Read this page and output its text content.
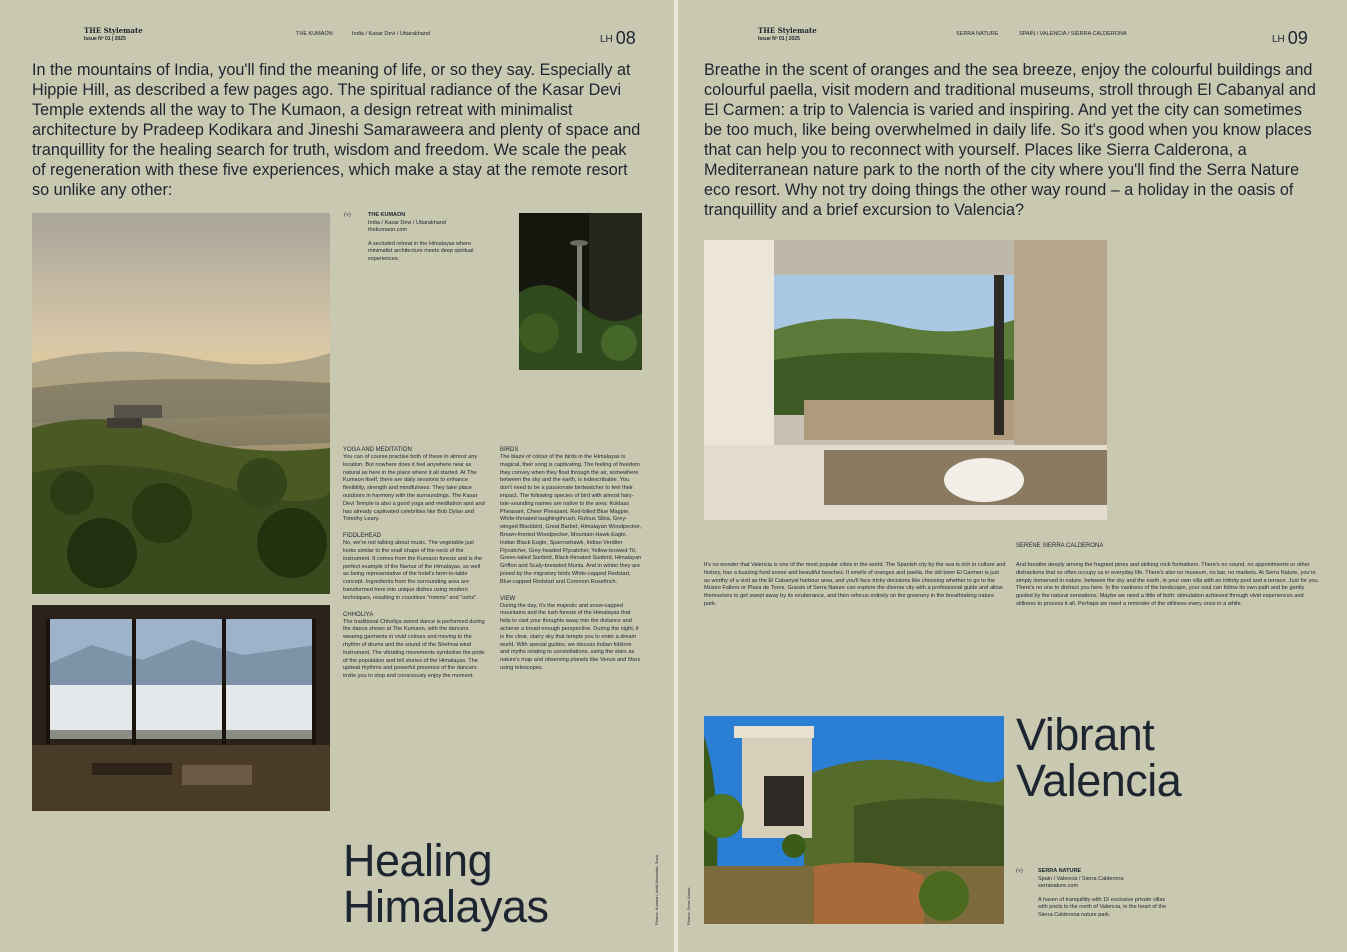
THE Stylemate
Issue Nº 01 | 2025
THE KUMAON	India / Kasar Devi / Uttarakhand	LH 08

In the mountains of India, you'll find the meaning of life, or so they say. Especially at Hippie Hill, as described a few pages ago. The spiritual radiance of the Kasar Devi Temple extends all the way to The Kumaon, a design retreat with minimalist architecture by Pradeep Kodikara and Jineshi Samaraweera and plenty of space and tranquillity for the healing search for truth, wisdom and freedom. We scale the peak of regeneration with these five experiences, which make a stay at the remote resort so unlike any other:

(+)	THE KUMAON
India / Kasar Devi / Uttarakhand
thekumaon.com
A secluded retreat in the Himalayas where minimalist architecture meets deep spiritual experiences.

YOGA AND MEDITATION

You can of course practise both of these in almost any location. But nowhere does it feel anywhere near as natural as here in the place where it all started. At The Kumaon itself, there are daily sessions to enhance flexibility, strength and mindfulness. They take place outdoors in harmony with the surroundings. The Kasar Devi Temple is also a good yoga and meditation spot and has already captivated celebrities like Bob Dylan and Timothy Leary.

FIDDLEHEAD

No, we're not talking about music. The vegetable just looks similar to the snail shape of the neck of the instrument. It comes from the Kumaon forests and is the perfect example of the flavour of the Himalayas, as well as being representative of the hotel's farm-to-table concept. Ingredients from the surrounding area are transformed here into unique dishes using modern techniques, resulting in countless "mmms" and "oohs".

CHHOLIYA

The traditional Chholiya sword dance is performed during the dance shows at The Kumaon, with the dancers wearing garments in vivid colours and moving to the rhythm of drums and the sound of the Shehnai wind instrument. The vibrating movements symbolise the pride of the population and tell stories of the Himalayas. The upbeat rhythms and powerful presence of the dancers invite you to stop and consciously enjoy the moment.

BIRDS

The blaze of colour of the birds in the Himalayas is magical, their song is captivating. The feeling of freedom they convey when they float through the air, somewhere between the sky and the earth, is indescribable. You don't need to be a passionate birdwatcher to feel their impact. The following species of bird with almost fairy-tale-sounding names are native to the area: Koklass Pheasant, Cheer Pheasant, Red-billed Blue Magpie, White-throated laughingthrush, Rufous Sibia, Grey-winged Blackbird, Great Barbet, Himalayan Woodpecker, Brown-fronted Woodpecker, Mountain Hawk-Eagle, Indian Black Eagle, Sparrowhawk, Indian Verditer Flycatcher, Grey-headed Flycatcher, Yellow-browed Tit, Green-tailed Sunbird, Black-throated Sunbird, Himalayan Griffon and Scaly-breasted Munia. And in winter they are joined by the migratory birds White-capped Redstart, Blue-capped Redstart and Common Rosefinch.

VIEW

During the day, it's the majestic and snow-capped mountains and the lush forests of the Himalayas that help to cast your thoughts away into the distance and achieve a broad enough perspective. During the night, it is the clear, starry sky that tempts you to enter a dream world. With special guides, we discuss Indian folklore and myths relating to constellations, using the stars as nature's map and observing planets like Venus and Mars using telescopes.

Healing
Himalayas	Photos: Kumaon, Ankit Ahluwalia, Sunit
THE Stylemate
Issue Nº 01 | 2025
SERRA NATURE	SPAIN / VALENCIA / SIERRA CALDERONA	LH 09

Breathe in the scent of oranges and the sea breeze, enjoy the colourful buildings and colourful paella, visit modern and traditional museums, stroll through El Cabanyal and El Carmen: a trip to Valencia is varied and inspiring. And yet the city can sometimes be too much, like being overwhelmed in daily life. So it's good when you know places that can help you to reconnect with yourself. Places like Sierra Calderona, a Mediterranean nature park to the north of the city where you'll find the Serra Nature eco resort. Why not try doing things the other way round – a holiday in the oasis of tranquillity and a brief excursion to Valencia?

It's no wonder that Valencia is one of the most popular cities in the world. The Spanish city by the sea is rich in culture and history, has a buzzing food scene and beautiful beaches. It smells of oranges and paella, the old town El Carmen is just as worthy of a visit as the El Cabanyal harbour area, and you'll face tricky decisions like choosing whether to go to the Museo Fallero or Plaza de Toros. Guests of Serra Nature can explore the diverse city with a professional guide and allow themselves to get swept away by its exuberance, and then refocus entirely on the greenery in the breathtaking nature park.

SERENE SIERRA CALDERONA

And breathe deeply among the fragrant pines and striking rock formations. There's no sound, no appointments or other distractions that so often occupy us in everyday life. There's also no museum, no bar, no markets. At Serra Nature, you're simply immersed in nature, between the sky and the earth, in your own villa with an infinity pool and a terrace. Just for you. There's no one to distract you here. In the vastness of the landscape, your soul can follow its own path and be gently guided by the natural sensations. Maybe we need a little of both: stimulation achieved through vivid experiences and stillness to process it all. Perhaps we need a reminder of the stillness every once in a while.

Vibrant
Valencia
(+)	SERRA NATURE
Spain / Valencia / Sierra Calderona
serranature.com
A haven of tranquillity with 15 exclusive private villas with pools to the north of Valencia, in the heart of the Sierra Calderona nature park.
Photos: Serra Nature
